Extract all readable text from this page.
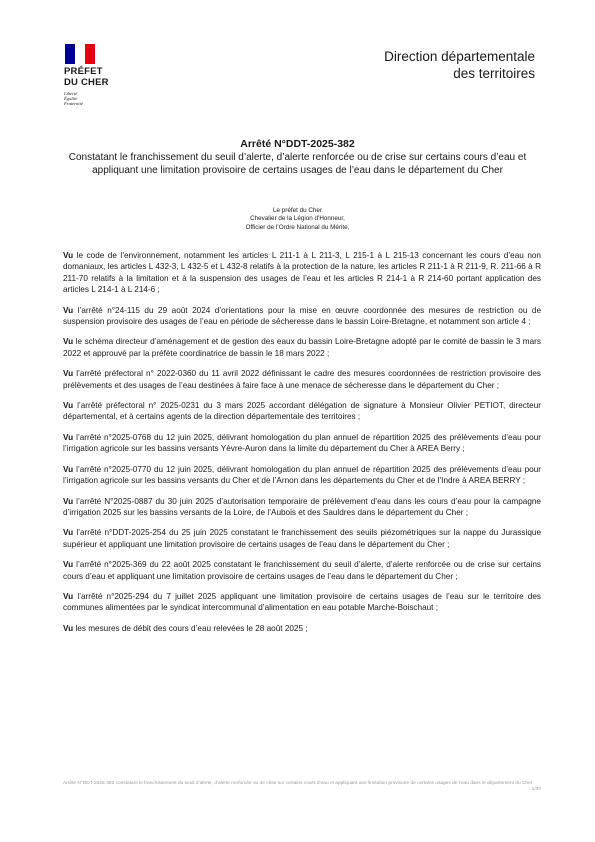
PRÉFET
DU CHER
Liberté
Égalité
Fraternité
Direction départementale
des territoires
Arrêté N°DDT-2025-382
Constatant le franchissement du seuil d’alerte, d’alerte renforcée ou de crise sur certains cours d’eau et appliquant une limitation provisoire de certains usages de l’eau dans le département du Cher
Le préfet du Cher
Chevalier de la Légion d’Honneur,
Officier de l’Ordre National du Mérite,
Vu le code de l’environnement, notamment les articles L 211-1 à L 211-3, L 215-1 à L 215-13 concernant les cours d’eau non domaniaux, les articles L 432-3, L 432-5 et L 432-8 relatifs à la protection de la nature, les articles R 211-1 à R 211-9, R. 211-66 à R 211-70 relatifs à la limitation et à la suspension des usages de l’eau et les articles R 214-1 à R 214-60 portant application des articles L 214-1 à L 214-6 ;
Vu l’arrêté n°24-115 du 29 août 2024 d’orientations pour la mise en œuvre coordonnée des mesures de restriction ou de suspension provisoire des usages de l’eau en période de sécheresse dans le bassin Loire-Bretagne, et notamment son article 4 ;
Vu le schéma directeur d’aménagement et de gestion des eaux du bassin Loire-Bretagne adopté par le comité de bassin le 3 mars 2022 et approuvé par la préfète coordinatrice de bassin le 18 mars 2022 ;
Vu l’arrêté préfectoral n° 2022-0360 du 11 avril 2022 définissant le cadre des mesures coordonnées de restriction provisoire des prélèvements et des usages de l’eau destinées à faire face à une menace de sécheresse dans le département du Cher ;
Vu l’arrêté préfectoral n° 2025-0231 du 3 mars 2025 accordant délégation de signature à Monsieur Olivier PETIOT, directeur départemental, et à certains agents de la direction départementale des territoires ;
Vu l’arrêté n°2025-0768 du 12 juin 2025, délivrant homologation du plan annuel de répartition 2025 des prélèvements d’eau pour l’irrigation agricole sur les bassins versants Yèvre-Auron dans la limite du département du Cher à AREA Berry ;
Vu l’arrêté n°2025-0770 du 12 juin 2025, délivrant homologation du plan annuel de répartition 2025 des prélèvements d’eau pour l’irrigation agricole sur les bassins versants du Cher et de l’Arnon dans les départements du Cher et de l’Indre à AREA BERRY ;
Vu l’arrêté N°2025-0887 du 30 juin 2025 d’autorisation temporaire de prélèvement d’eau dans les cours d’eau pour la campagne d’irrigation 2025 sur les bassins versants de la Loire, de l’Aubois et des Sauldres dans le département du Cher ;
Vu l’arrêté n°DDT-2025-254 du 25 juin 2025 constatant le franchissement des seuils piézométriques sur la nappe du Jurassique supérieur et appliquant une limitation provisoire de certains usages de l’eau dans le département du Cher ;
Vu l’arrêté n°2025-369 du 22 août 2025 constatant le franchissement du seuil d’alerte, d’alerte renforcée ou de crise sur certains cours d’eau et appliquant une limitation provisoire de certains usages de l’eau dans le département du Cher ;
Vu l’arrêté n°2025-294 du 7 juillet 2025 appliquant une limitation provisoire de certains usages de l’eau sur le territoire des communes alimentées par le syndicat intercommunal d’alimentation en eau potable Marche-Boischaut ;
Vu les mesures de débit des cours d’eau relevées le 28 août 2025 ;
Arrêté N°DDT-2025-382 constatant le franchissement du seuil d’alerte, d’alerte renforcée ou de crise sur certains cours d’eau et appliquant une limitation provisoire de certains usages de l’eau dans le département du Cher
1/30
